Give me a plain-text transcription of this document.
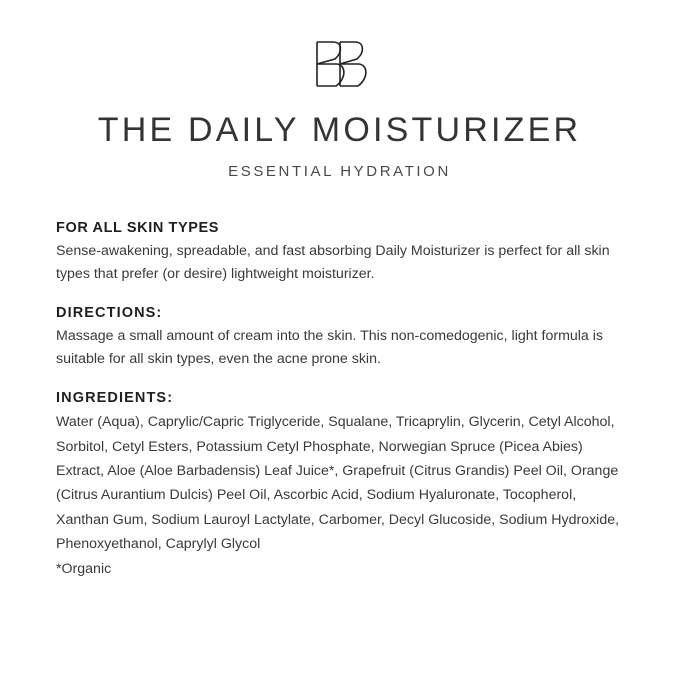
THE DAILY MOISTURIZER
ESSENTIAL HYDRATION
FOR ALL SKIN TYPES

Sense-awakening, spreadable, and fast absorbing Daily Moisturizer is perfect for all skin types that prefer (or desire) lightweight moisturizer.

DIRECTIONS:

Massage a small amount of cream into the skin. This non-comedogenic, light formula is suitable for all skin types, even the acne prone skin.

INGREDIENTS:

Water (Aqua), Caprylic/Capric Triglyceride, Squalane, Tricaprylin, Glycerin, Cetyl Alcohol, Sorbitol, Cetyl Esters, Potassium Cetyl Phosphate, Norwegian Spruce (Picea Abies) Extract, Aloe (Aloe Barbadensis) Leaf Juice*, Grapefruit (Citrus Grandis) Peel Oil, Orange (Citrus Aurantium Dulcis) Peel Oil, Ascorbic Acid, Sodium Hyaluronate, Tocopherol, Xanthan Gum, Sodium Lauroyl Lactylate, Carbomer, Decyl Glucoside, Sodium Hydroxide, Phenoxyethanol, Caprylyl Glycol

*Organic
